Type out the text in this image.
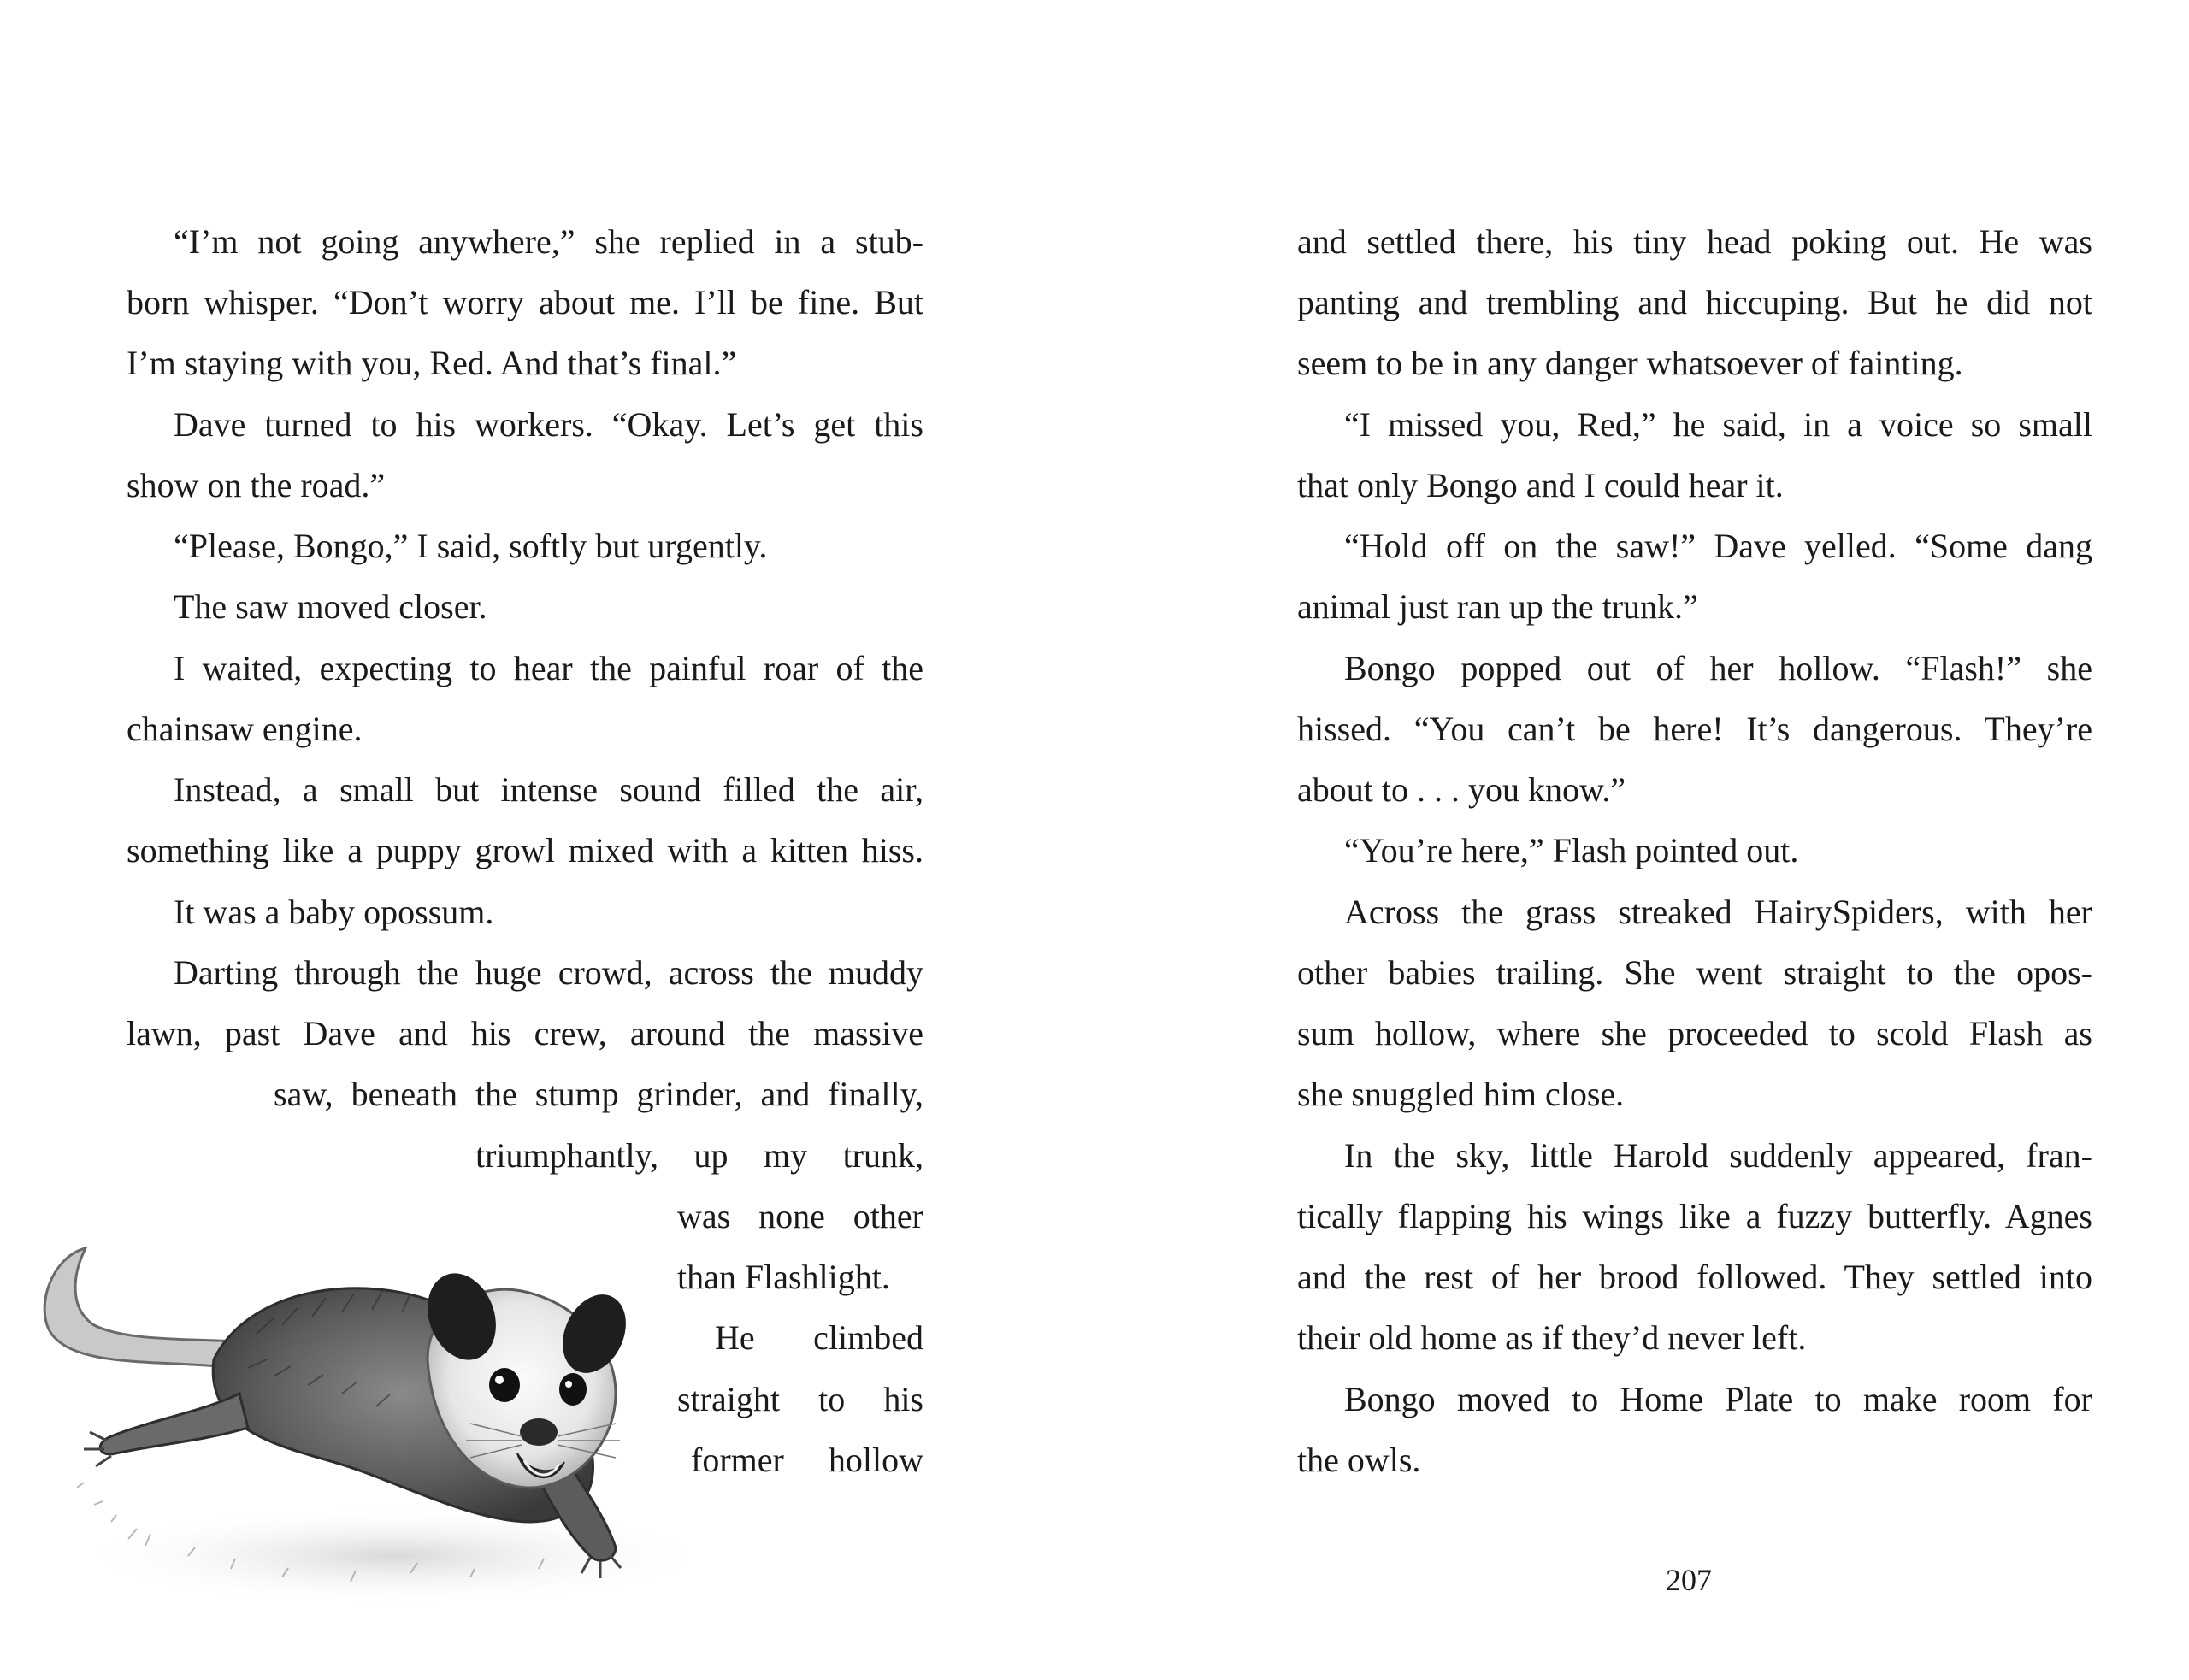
“I’m not going anywhere,” she replied in a stub-
born whisper. “Don’t worry about me. I’ll be fine. But
I’m staying with you, Red. And that’s final.”
Dave turned to his workers. “Okay. Let’s get this
show on the road.”
“Please, Bongo,” I said, softly but urgently.
The saw moved closer.
I waited, expecting to hear the painful roar of the
chainsaw engine.
Instead, a small but intense sound filled the air,
something like a puppy growl mixed with a kitten hiss.
It was a baby opossum.
Darting through the huge crowd, across the muddy
lawn, past Dave and his crew, around the massive
saw, beneath the stump grinder, and finally,
triumphantly, up my trunk,
was none other
than Flashlight.
He climbed
straight to his
former hollow
and settled there, his tiny head poking out. He was
panting and trembling and hiccuping. But he did not
seem to be in any danger whatsoever of fainting.
“I missed you, Red,” he said, in a voice so small
that only Bongo and I could hear it.
“Hold off on the saw!” Dave yelled. “Some dang
animal just ran up the trunk.”
Bongo popped out of her hollow. “Flash!” she
hissed. “You can’t be here! It’s dangerous. They’re
about to . . . you know.”
“You’re here,” Flash pointed out.
Across the grass streaked HairySpiders, with her
other babies trailing. She went straight to the opos-
sum hollow, where she proceeded to scold Flash as
she snuggled him close.
In the sky, little Harold suddenly appeared, fran-
tically flapping his wings like a fuzzy butterfly. Agnes
and the rest of her brood followed. They settled into
their old home as if they’d never left.
Bongo moved to Home Plate to make room for
the owls.
207
